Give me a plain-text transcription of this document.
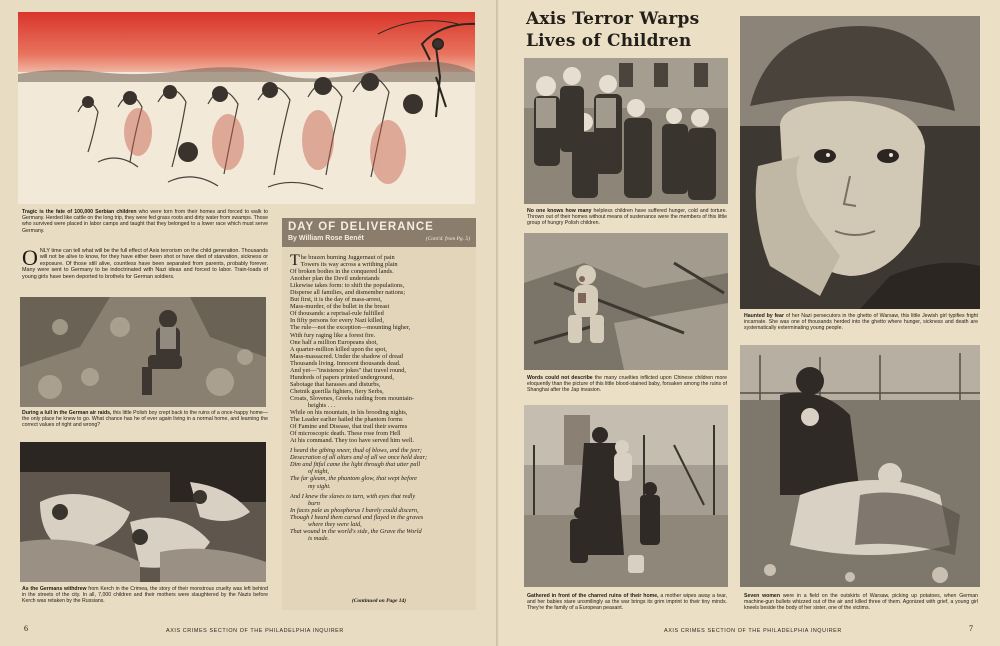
Tragic is the fate of 100,000 Serbian children who were torn from their homes and forced to walk to Germany. Herded like cattle on the long trip, they were fed grass roots and dirty water from swamps. Those who survived were placed in labor camps and taught that they belonged to a lower race which must serve Germany.
ONLY time can tell what will be the full effect of Axis terrorism on the child generation. Thousands will not be alive to know, for they have either been shot or have died of starvation, sickness or exposure. Of those still alive, countless have been separated from parents, probably forever. Many were sent to Germany to be indoctrinated with Nazi ideas and forced to labor. Train-loads of young girls have been deported to brothels for German soldiers.
During a lull in the German air raids, this little Polish boy crept back to the ruins of a once-happy home—the only place he knew to go. What chance has he of ever again living in a normal home, and learning the correct values of right and wrong?
As the Germans withdrew from Kerch in the Crimea, the story of their monstrous cruelty was left behind in the streets of the city. In all, 7,000 children and their mothers were slaughtered by the Nazis before Kerch was retaken by the Russians.
DAY OF DELIVERANCE
By William Rose Benét	(Cont'd. from Pg. 5)
The brazen burning Juggernaut of pain
Towers its way across a writhing plain
Of broken bodies in the conquered lands.
Another plan the Devil understands
Likewise takes form: to shift the populations,
Disperse all families, and dismember nations;
But first, it is the day of mass-arrest,
Mass-murder, of the bullet in the breast
Of thousands: a reprisal-rule fulfilled
In fifty persons for every Nazi killed,
The rule—not the exception—mounting higher,
With fury raging like a forest fire.
One half a million Europeans shot,
A quarter-million killed upon the spot,
Mass-massacred. Under the shadow of dread
Thousands living. Innocent thousands dead.
And yet—"insistence jokes" that travel round,
Hundreds of papers printed underground,
Sabotage that harasses and disturbs,
Chetnik guerilla fighters, fiery Serbs,
Croats, Slovenes, Greeks raiding from mountain-
heights . . .
While on his mountain, in his brooding nights,
The Leader earlier hailed the phantom forms
Of Famine and Disease, that trail their swarms
Of microscopic death. These rose from Hell
At his command. They too have served him well.
I heard the gibing sneer, thud of blows, and the jeer;
Desecration of all altars and of all we once held dear;
Dim and fitful came the light through that utter pall
of night,
The far gleam, the phantom glow, that wept before
my sight.
And I knew the slaves to turn, with eyes that redly
burn
In faces pale as phosphorus I barely could discern,
Though I heard them cursed and flayed in the graves
where they were laid,
That wound in the world's side, the Grave the World
is made.
(Continued on Page 14)
6	AXIS CRIMES SECTION OF THE PHILADELPHIA INQUIRER
Axis Terror Warps
Lives of Children
No one knows how many helpless children have suffered hunger, cold and torture. Thrown out of their homes without means of sustenance were the members of this little group of hungry Polish children.
Haunted by fear of her Nazi persecutors in the ghetto of Warsaw, this little Jewish girl typifies fright incarnate. She was one of thousands herded into the ghetto where hunger, sickness and death are systematically exterminating young people.
Words could not describe the many cruelties inflicted upon Chinese children more eloquently than the picture of this little blood-stained baby, forsaken among the ruins of Shanghai after the Jap invasion.
Gathered in front of the charred ruins of their home, a mother wipes away a tear, and her babies stare unsmilingly as the war brings its grim imprint to their tiny minds. They're the family of a European peasant.
Seven women were in a field on the outskirts of Warsaw, picking up potatoes, when German machine-gun bullets whizzed out of the air and killed three of them. Agonized with grief, a young girl kneels beside the body of her sister, one of the victims.
AXIS CRIMES SECTION OF THE PHILADELPHIA INQUIRER	7
